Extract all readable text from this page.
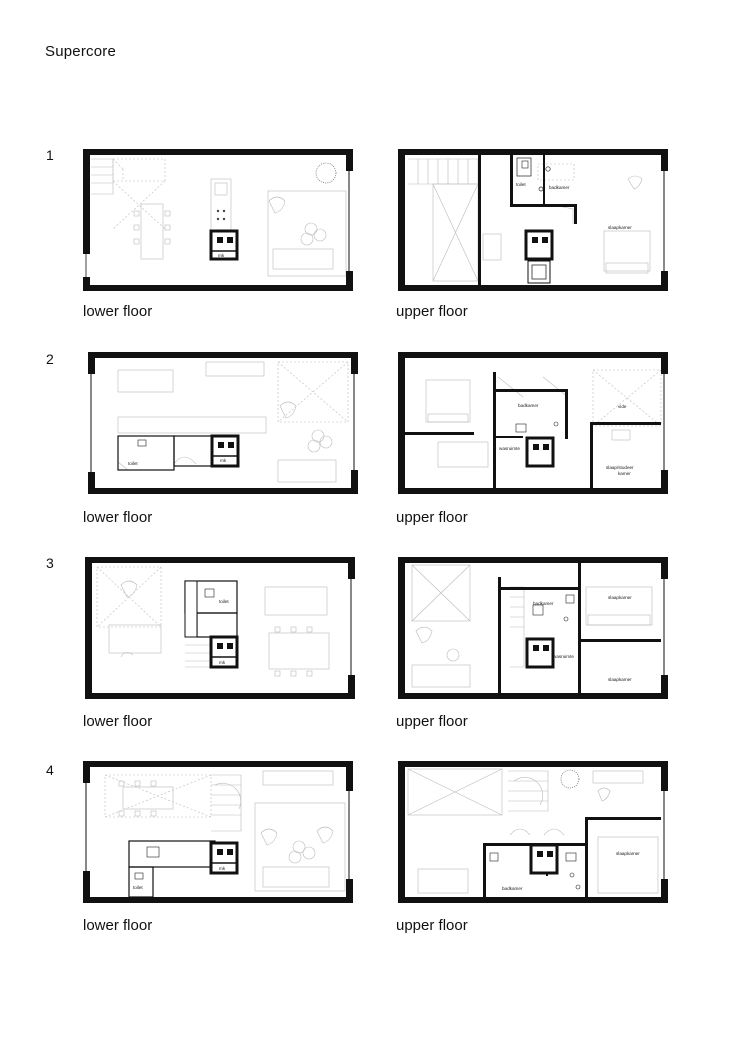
Supercore
1
mk
lower floor
toilet
badkamer
slaapkamer
upper floor
2
toilet
mk
lower floor
badkamer
wasruimte
vide
slaap/studeer
kamer
upper floor
3
toilet
mk
lower floor
badkamer
wasruimte
slaapkamer
slaapkamer
upper floor
4
toilet
mk
lower floor
badkamer
slaapkamer
upper floor
